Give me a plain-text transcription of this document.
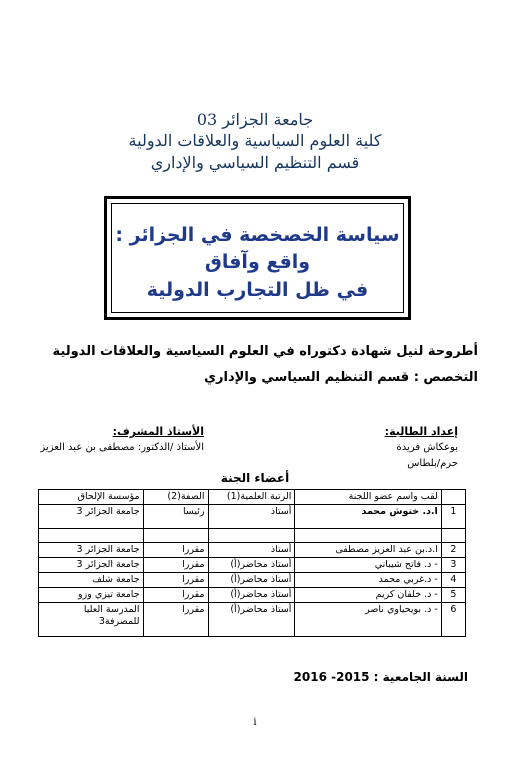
جامعة الجزائر 03
كلية العلوم السياسية والعلاقات الدولية
قسم التنظيم السياسي والإداري
سياسة الخصخصة في الجزائر :
واقع وآفاق
في ظل التجارب الدولية
أطروحة لنيل شهادة دكتوراه في العلوم السياسية والعلاقات الدولية
التخصص : قسم التنظيم السياسي والإداري
إعداد الطالبة:
بوعكاش فريدة
حرم/بلطاس
الأستاذ المشرف:
الأستاذ /الدكتور: مصطفى بن عبد العزيز
أعضاء الجنة
	لقب واسم عضو اللجنة	الرتبة العلمية(1)	الصفة(2)	مؤسسة الإلحاق
1	ا.د. خنوش محمد	أستاذ	رئيسا	جامعة الجزائر 3

2	ا.د.بن عبد العزيز مصطفى	أستاذ	مقررا	جامعة الجزائر 3
3	- د. فاتح شيباني	أستاذ محاضر(أ)	مقررا	جامعة الجزائر 3
4	- د.غربي محمد	أستاذ محاضر(أ)	مقررا	جامعة شلف
5	- د. خلفان كريم	أستاذ محاضر(أ)	مقررا	جامعة تيزي وزو
6	- د. بويحياوي ناصر	أستاذ محاضر(أ)	مقررا	المدرسة العليا للمصرفة3
السنة الجامعية : 2015- 2016
i
